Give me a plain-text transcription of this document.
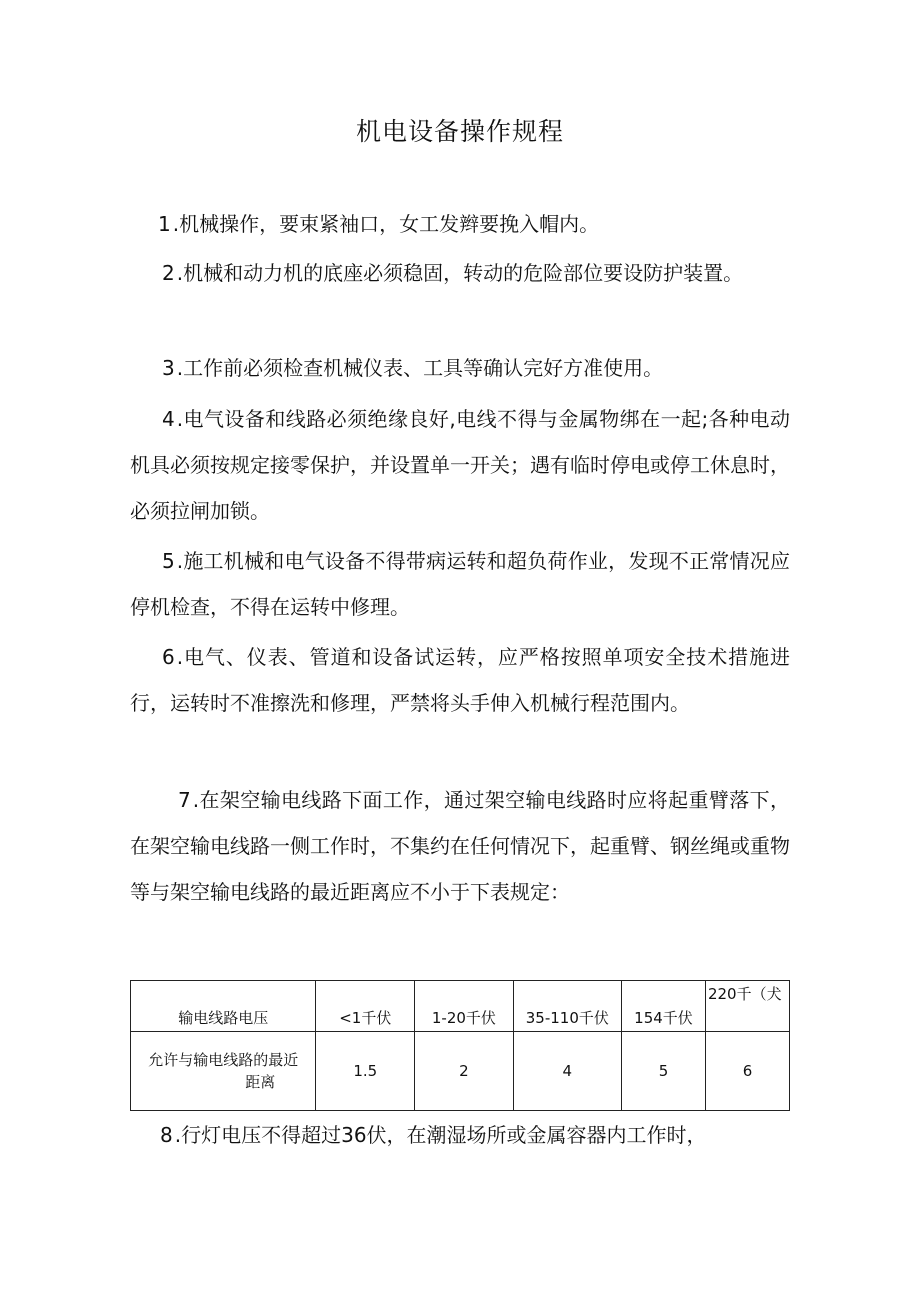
机电设备操作规程
1 .机械操作，要束紧袖口，女工发辫要挽入帽内。
2 .机械和动力机的底座必须稳固，转动的危险部位要设防护装置。
3 .工作前必须检查机械仪表、工具等确认完好方准使用。
4 .电气设备和线路必须绝缘良好,电线不得与金属物绑在一起;各种电动机具必须按规定接零保护，并设置单一开关；遇有临时停电或停工休息时，必须拉闸加锁。
5 .施工机械和电气设备不得带病运转和超负荷作业，发现不正常情况应停机检查，不得在运转中修理。
6 .电气、仪表、管道和设备试运转，应严格按照单项安全技术措施进行，运转时不准擦洗和修理，严禁将头手伸入机械行程范围内。
7 .在架空输电线路下面工作，通过架空输电线路时应将起重臂落下，在架空输电线路一侧工作时，不集约在任何情况下，起重臂、钢丝绳或重物等与架空输电线路的最近距离应不小于下表规定：
输电线路电压	<1千伏	1-20千伏	35-110千伏	154千伏	220千（犬
允许与输电线路的最近
距离	1.5	2	4	5	6
8 .行灯电压不得超过36伏，在潮湿场所或金属容器内工作时，
